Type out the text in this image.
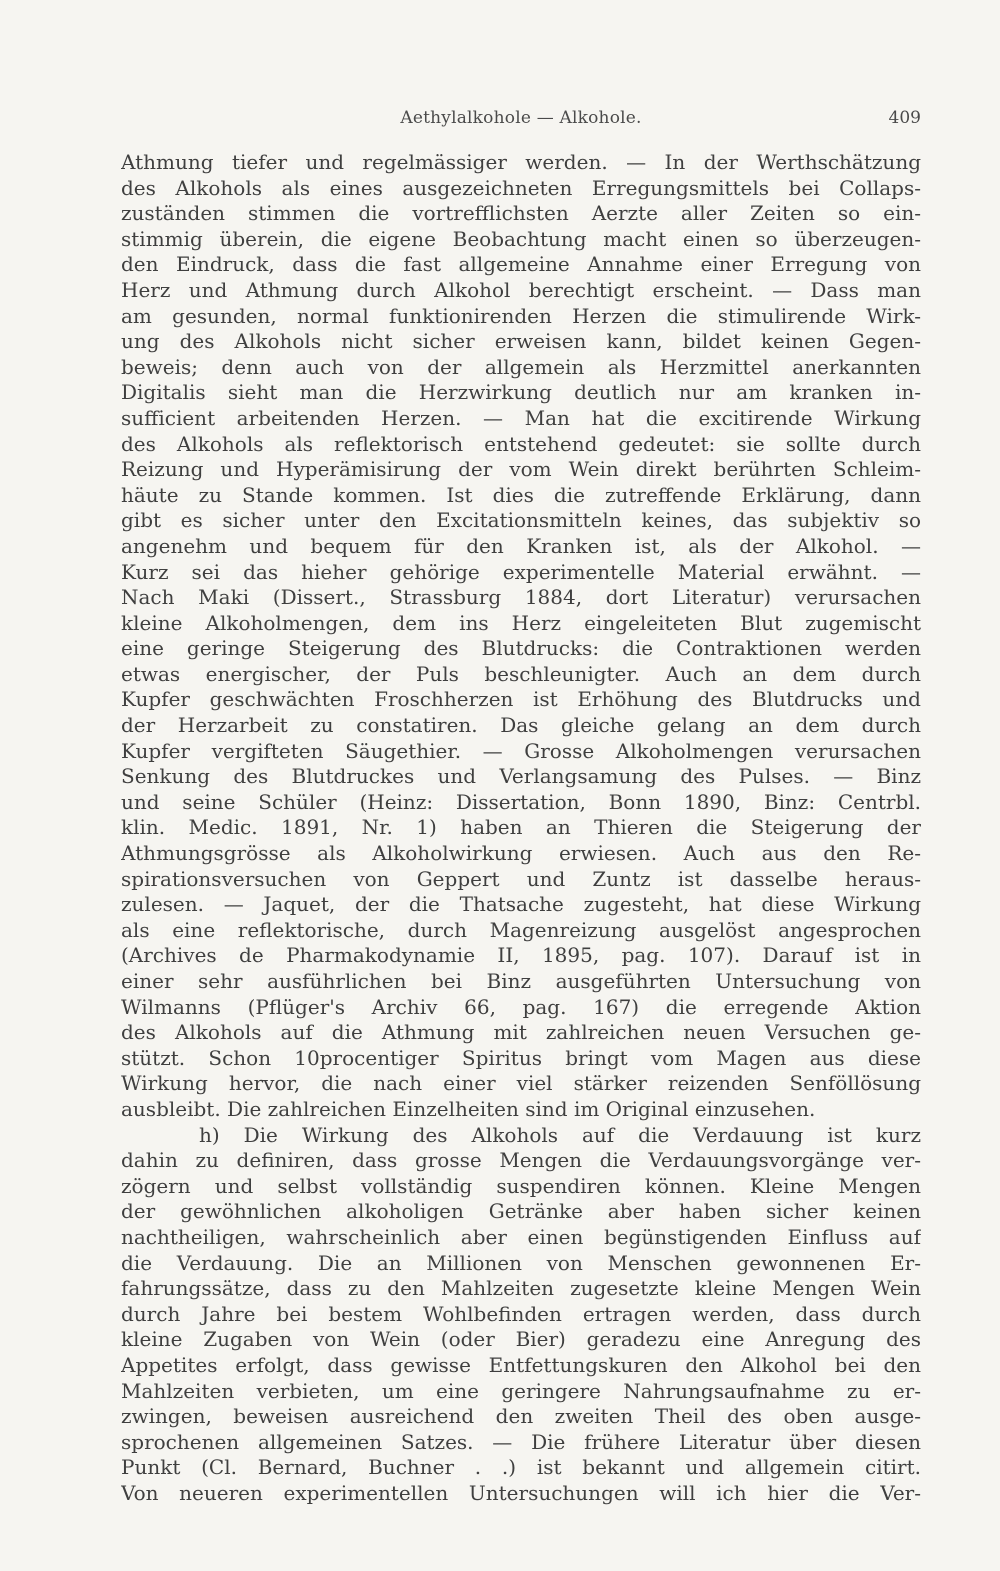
Aethylalkohole — Alkohole.	409
Athmung tiefer und regelmässiger werden. — In der Werthschätzung
des Alkohols als eines ausgezeichneten Erregungsmittels bei Collaps-
zuständen stimmen die vortrefflichsten Aerzte aller Zeiten so ein-
stimmig überein, die eigene Beobachtung macht einen so überzeugen-
den Eindruck, dass die fast allgemeine Annahme einer Erregung von
Herz und Athmung durch Alkohol berechtigt erscheint. — Dass man
am gesunden, normal funktionirenden Herzen die stimulirende Wirk-
ung des Alkohols nicht sicher erweisen kann, bildet keinen Gegen-
beweis; denn auch von der allgemein als Herzmittel anerkannten
Digitalis sieht man die Herzwirkung deutlich nur am kranken in-
sufficient arbeitenden Herzen. — Man hat die excitirende Wirkung
des Alkohols als reflektorisch entstehend gedeutet: sie sollte durch
Reizung und Hyperämisirung der vom Wein direkt berührten Schleim-
häute zu Stande kommen. Ist dies die zutreffende Erklärung, dann
gibt es sicher unter den Excitationsmitteln keines, das subjektiv so
angenehm und bequem für den Kranken ist, als der Alkohol. —
Kurz sei das hieher gehörige experimentelle Material erwähnt. —
Nach Maki (Dissert., Strassburg 1884, dort Literatur) verursachen
kleine Alkoholmengen, dem ins Herz eingeleiteten Blut zugemischt
eine geringe Steigerung des Blutdrucks: die Contraktionen werden
etwas energischer, der Puls beschleunigter. Auch an dem durch
Kupfer geschwächten Froschherzen ist Erhöhung des Blutdrucks und
der Herzarbeit zu constatiren. Das gleiche gelang an dem durch
Kupfer vergifteten Säugethier. — Grosse Alkoholmengen verursachen
Senkung des Blutdruckes und Verlangsamung des Pulses. — Binz
und seine Schüler (Heinz: Dissertation, Bonn 1890, Binz: Centrbl.
klin. Medic. 1891, Nr. 1) haben an Thieren die Steigerung der
Athmungsgrösse als Alkoholwirkung erwiesen. Auch aus den Re-
spirationsversuchen von Geppert und Zuntz ist dasselbe heraus-
zulesen. — Jaquet, der die Thatsache zugesteht, hat diese Wirkung
als eine reflektorische, durch Magenreizung ausgelöst angesprochen
(Archives de Pharmakodynamie II, 1895, pag. 107). Darauf ist in
einer sehr ausführlichen bei Binz ausgeführten Untersuchung von
Wilmanns (Pflüger's Archiv 66, pag. 167) die erregende Aktion
des Alkohols auf die Athmung mit zahlreichen neuen Versuchen ge-
stützt. Schon 10procentiger Spiritus bringt vom Magen aus diese
Wirkung hervor, die nach einer viel stärker reizenden Senföllösung
ausbleibt. Die zahlreichen Einzelheiten sind im Original einzusehen.
h) Die Wirkung des Alkohols auf die Verdauung ist kurz
dahin zu definiren, dass grosse Mengen die Verdauungsvorgänge ver-
zögern und selbst vollständig suspendiren können. Kleine Mengen
der gewöhnlichen alkoholigen Getränke aber haben sicher keinen
nachtheiligen, wahrscheinlich aber einen begünstigenden Einfluss auf
die Verdauung. Die an Millionen von Menschen gewonnenen Er-
fahrungssätze, dass zu den Mahlzeiten zugesetzte kleine Mengen Wein
durch Jahre bei bestem Wohlbefinden ertragen werden, dass durch
kleine Zugaben von Wein (oder Bier) geradezu eine Anregung des
Appetites erfolgt, dass gewisse Entfettungskuren den Alkohol bei den
Mahlzeiten verbieten, um eine geringere Nahrungsaufnahme zu er-
zwingen, beweisen ausreichend den zweiten Theil des oben ausge-
sprochenen allgemeinen Satzes. — Die frühere Literatur über diesen
Punkt (Cl. Bernard, Buchner . .) ist bekannt und allgemein citirt.
Von neueren experimentellen Untersuchungen will ich hier die Ver-
